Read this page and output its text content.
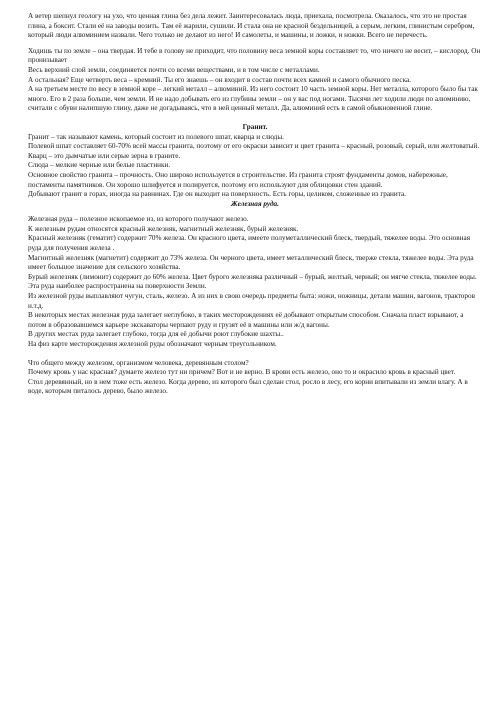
А ветер шепнул геологу на ухо, что ценная глина без дела лежит. Заинтересовалась люда, приехала, посмотрела. Оказалось, что это не простая глина, а боксит. Стали её на заводы возить. Там её жарили, сушили. И стала она не красной бездельницей, а серым, легким, глинистым серебром, который люди алюминием назвали. Чего только не делают из него! И самолеты, и машины, и ложки, и ножки. Всего не перечесть.

Ходишь ты по земле – она твердая. И тебе в голову не приходит, что половину веса земной коры составляет то, что ничего не весит, – кислород. Он пронизывает

Весь верхний слой земли, соединяется почти со всеми веществами, и в том числе с металлами.

А остальная? Еще четверть веса – кремний. Ты его знаешь – он входит в состав почти всех камней и самого обычного песка.

А на третьем месте по весу в земной коре – легкий металл – алюминий. Из него состоит 10 часть земной коры. Нет металла, которого было бы так много. Его в 2 раза больше, чем земли. И не надо добывать его из глубины земли – он у вас под ногами. Тысячи лет ходили люди по алюминию, считали с обуви налипшую глину, даже не догадываясь, что в ней ценный металл. Да, алюминий есть в самой обыкновенной глине.

Гранит.

Гранит – так называют камень, который состоит из полевого шпат, кварца и слюды.

Полевой шпат составляет 60-70% всей массы гранита, поэтому от его окраски зависит и цвет гранита – красный, розовый, серый, или желтоватый.

Кварц – это дымчатые или серые зерна в граните.

Слюда – мелкие черные или белые пластинки.

Основное свойство гранита – прочность. Оно широко используется в строительстве. Из гранита строят фундаменты домов, набережные, постаменты памятников. Он хорошо шлифуется и полируется, поэтому его используют для облицовки стен зданий.

Добывают гранит в горах, иногда на равнинах. Где он выходит на поверхность. Есть горы, целиком, сложенные из гранита.

Железная руда.

Железная руда – полезное ископаемое из, из которого получают железо.

К железным рудам относятся красный железняк, магнитный железняк, бурый железняк.

Красный железняк (гематит) содержит 70% железа. Он красного цвета, имеете полуметаллический блеск, твердый, тяжелее воды. Это основная руда для получения железа .

Магнитный железняк (магнетит) содержит до 73% железа. Он черного цвета, имеет металлический блеск, тверже стекла, тяжелее воды. Эта руда имеет большое значение для сельского хозяйства.

Бурый железняк (лимонит) содержит до 60% железа. Цвет бурого железняка различный – бурый, желтый, черный; он мягче стекла, тяжелее воды. Эта руда наиболее распространена на поверхности Земли.

Из железной руды выплавляют чугун, сталь, железо. А из них в свою очередь предметы быта: ножи, ножницы, детали машин, вагонов, тракторов и.т.д.

В некоторых местах железная руда залегает неглубоко, в таких месторождениях её добывают открытым способом. Сначала пласт взрывают, а потом в образовавшемся карьере экскаваторы черпают руду и грузят её в машины или ж/д вагоны.

В других местах руда залегает глубоко, тогда для её добычи роют глубокие шахты..

На физ карте месторождения железной руды обозначают черным треугольником.

Что общего между железом, организмом человека, деревянным столом?

Почему кровь у нас красная? думаете железо тут ни причем? Вот и не верно. В крови есть железо, оно то и окрасило кровь в красный цвет.

Стол деревянный, но в нем тоже есть железо. Когда дерево, из которого был сделан стол, росло в лесу, его корни впитывали из земли влагу. А в воде, которым питалось дерево, было железо.
